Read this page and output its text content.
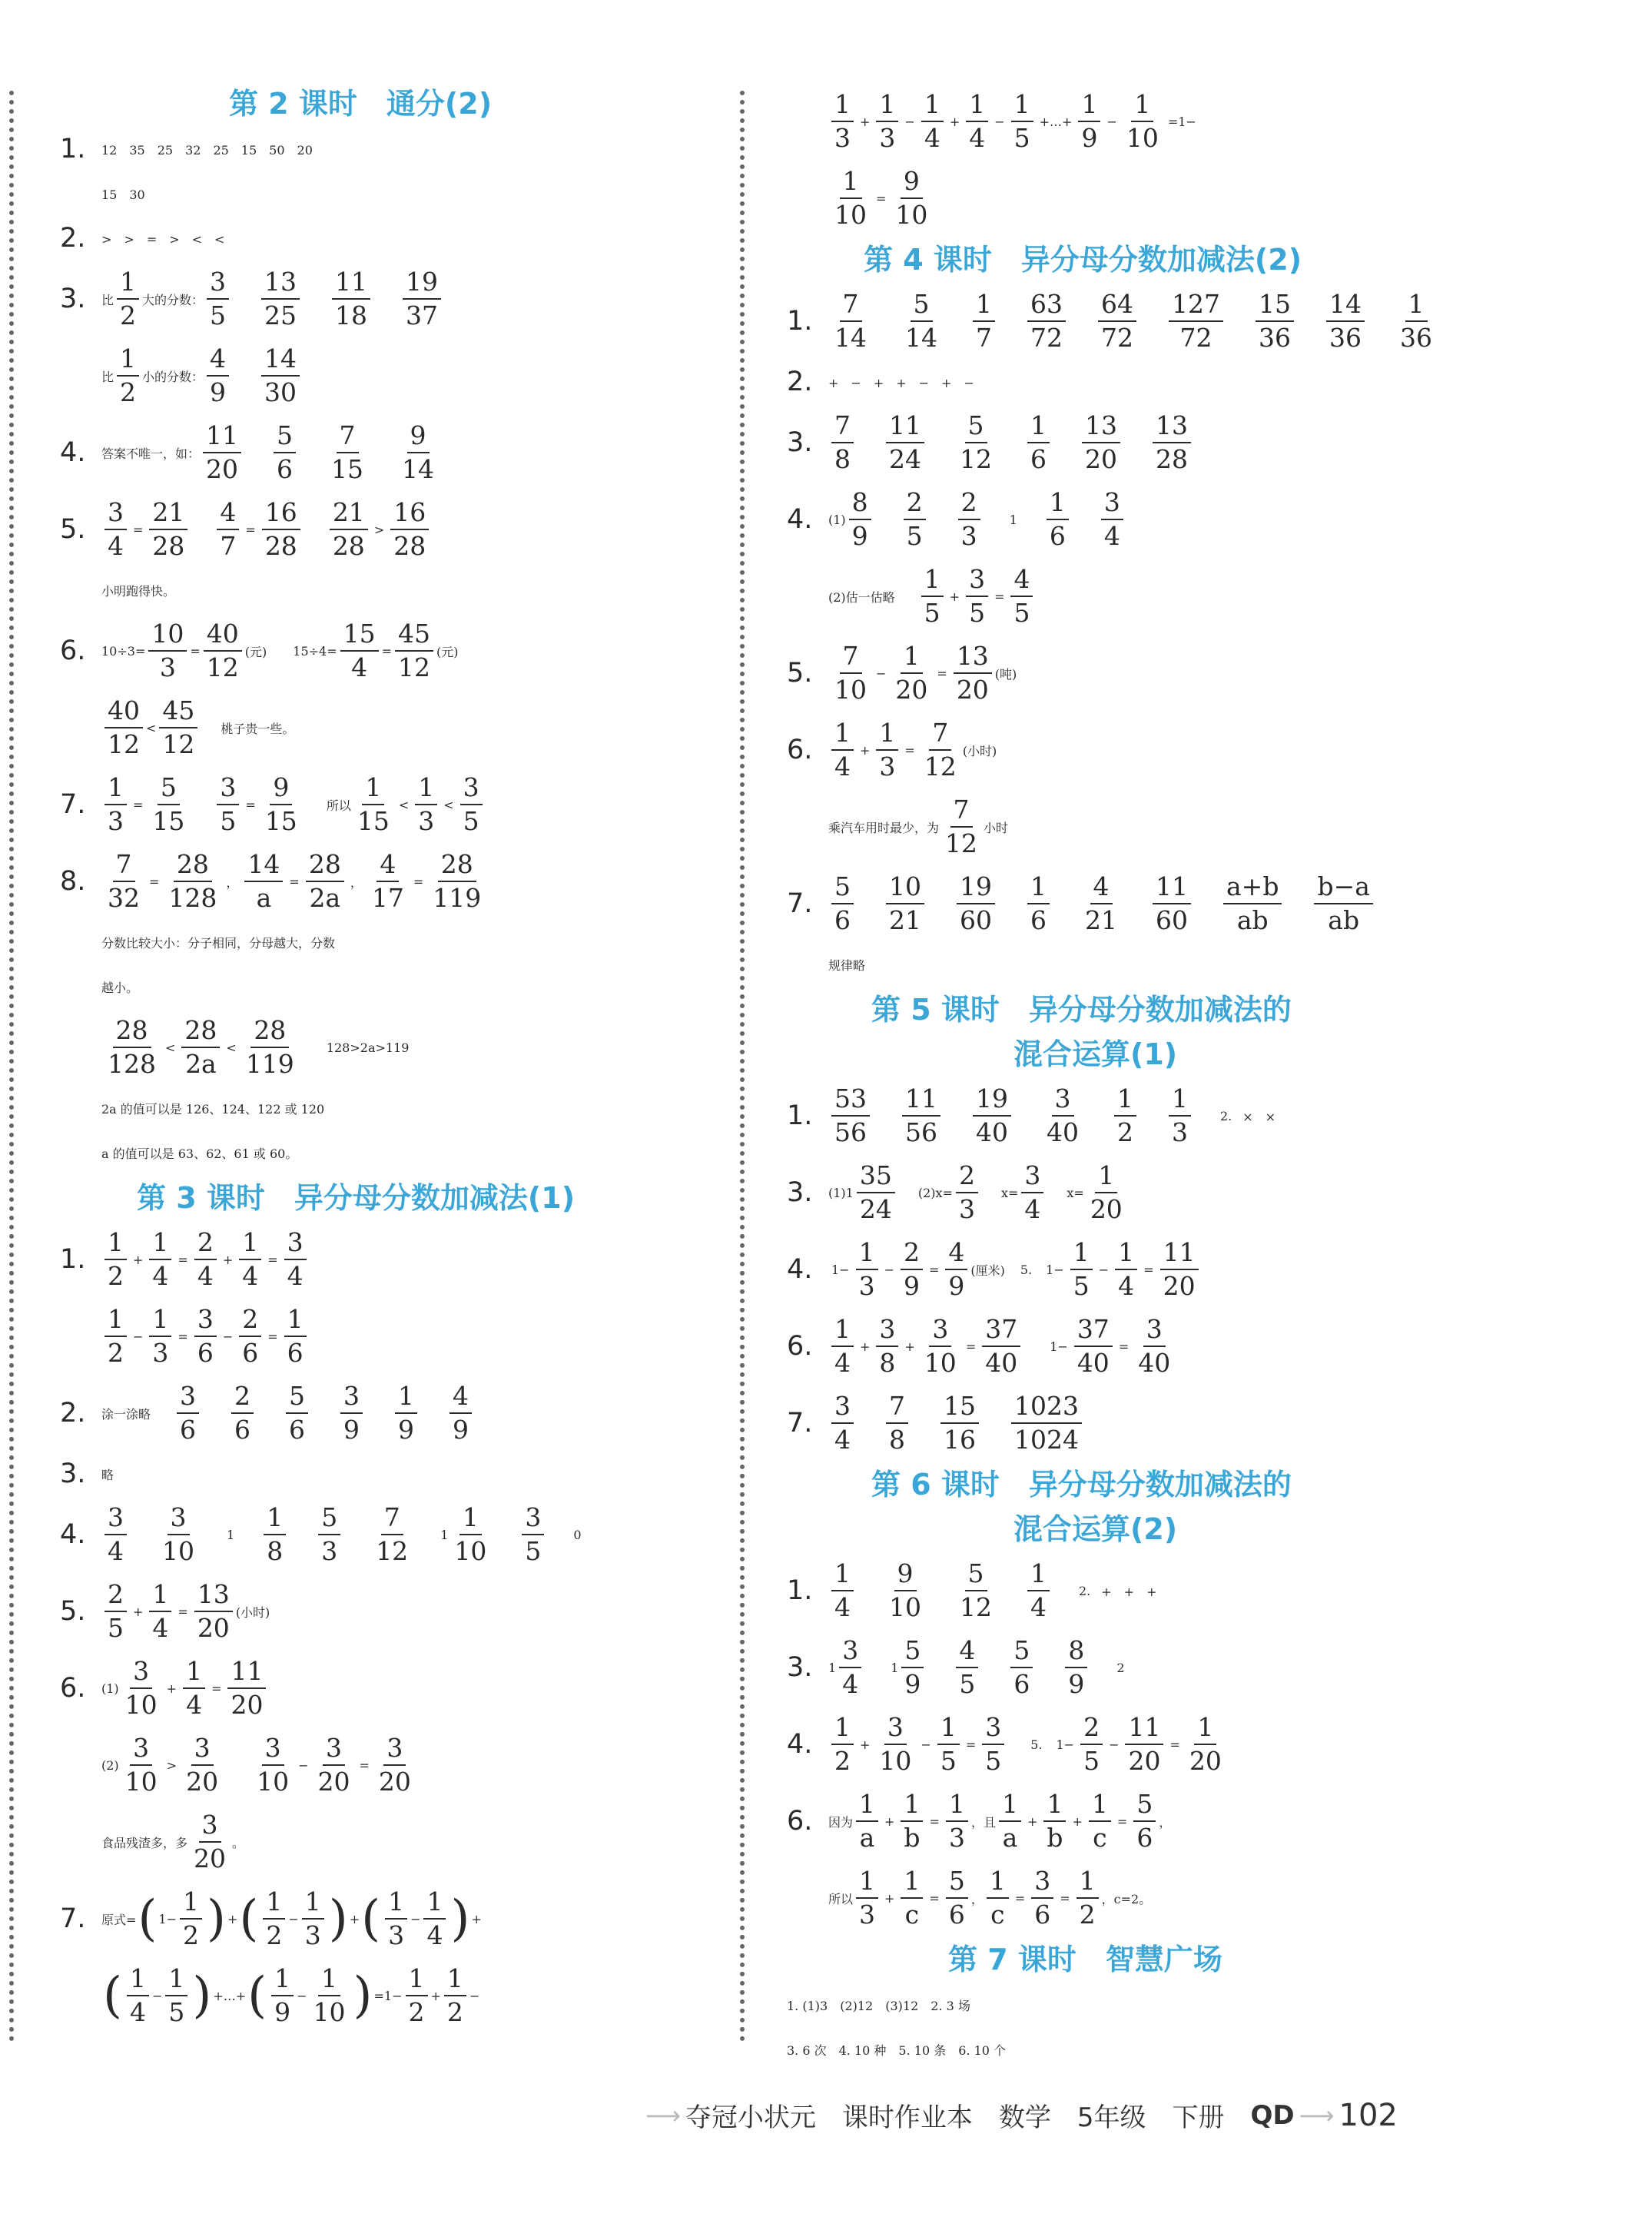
第 2 课时　通分(2)
1.	12　35　25　32　25　15　50　20
15　30
2.	>　>　=　>　<　<
3.	比 $\frac{1}{2}$ 大的分数： $\frac{3}{5} \frac{13}{25} \frac{11}{18} \frac{19}{37}$
比 $\frac{1}{2}$ 小的分数： $\frac{4}{9} \frac{14}{30}$
4.	答案不唯一，如： $\frac{11}{20} \frac{5}{6} \frac{7}{15} \frac{9}{14}$
5. $\frac{3}{4} = \frac{21}{28} \frac{4}{7} = \frac{16}{28} \frac{21}{28} > \frac{16}{28}$
小明跑得快。
6.	$10\div 3= \frac{10}{3} = \frac{40}{12}$ (元) $15\div 4= \frac{15}{4} = \frac{45}{12}$ (元)
$\frac{40}{12} < \frac{45}{12}$ 桃子贵一些。
7. $\frac{1}{3} = \frac{5}{15} \frac{3}{5} = \frac{9}{15}$ 所以 $\frac{1}{15} < \frac{1}{3} < \frac{3}{5}$
8. $\frac{7}{32} = \frac{28}{128}$ ， $\frac{14}{a} = \frac{28}{2a}$ ， $\frac{4}{17} = \frac{28}{119}$
分数比较大小：分子相同，分母越大，分数
越小。
$\frac{28}{128} < \frac{28}{2a} < \frac{28}{119} 128>2a>119$
2a 的值可以是 126、124、122 或 120
a 的值可以是 63、62、61 或 60。
第 3 课时　异分母分数加减法(1)
1. $\frac{1}{2} + \frac{1}{4} = \frac{2}{4} + \frac{1}{4} = \frac{3}{4}$
$\frac{1}{2} - \frac{1}{3} = \frac{3}{6} - \frac{2}{6} = \frac{1}{6}$
2.	涂一涂略 $\frac{3}{6} \frac{2}{6} \frac{5}{6} \frac{3}{9} \frac{1}{9} \frac{4}{9}$
3.	略
4. $\frac{3}{4} \frac{3}{10} 1 \frac{1}{8} \frac{5}{3} \frac{7}{12} 1 \frac{1}{10} \frac{3}{5} 0$
5. $\frac{2}{5} + \frac{1}{4} = \frac{13}{20}$ (小时)
6.	$(1) \frac{3}{10} + \frac{1}{4} = \frac{11}{20}$
$(2) \frac{3}{10} > \frac{3}{20} \frac{3}{10} - \frac{3}{20} = \frac{3}{20}$
食品残渣多，多 $\frac{3}{20}$ 。
7.	原式= ( $1 - \frac{1}{2}$ ) + ( $\frac{1}{2} - \frac{1}{3}$ ) + ( $\frac{1}{3} - \frac{1}{4}$ ) +
( $\frac{1}{4} - \frac{1}{5}$ ) +…+ ( $\frac{1}{9} - \frac{1}{10}$ ) $=1- \frac{1}{2} + \frac{1}{2}$ −
$\frac{1}{3} + \frac{1}{3} - \frac{1}{4} + \frac{1}{4} - \frac{1}{5}$ +…+ $\frac{1}{9} - \frac{1}{10} =1-$
$\frac{1}{10} = \frac{9}{10}$
第 4 课时　异分母分数加减法(2)
1. $\frac{7}{14} \frac{5}{14} \frac{1}{7} \frac{63}{72} \frac{64}{72} \frac{127}{72} \frac{15}{36} \frac{14}{36} \frac{1}{36}$
2.	+　−　+　+　−　+　−
3. $\frac{7}{8} \frac{11}{24} \frac{5}{12} \frac{1}{6} \frac{13}{20} \frac{13}{28}$
4.	$(1) \frac{8}{9} \frac{2}{5} \frac{2}{3} 1 \frac{1}{6} \frac{3}{4}$
(2)估一估略 $\frac{1}{5} + \frac{3}{5} = \frac{4}{5}$
5. $\frac{7}{10} - \frac{1}{20} = \frac{13}{20}$ (吨)
6. $\frac{1}{4} + \frac{1}{3} = \frac{7}{12}$ (小时)
乘汽车用时最少，为 $\frac{7}{12}$ 小时
7. $\frac{5}{6} \frac{10}{21} \frac{19}{60} \frac{1}{6} \frac{4}{21} \frac{11}{60} \frac{a+b}{ab} \frac{b-a}{ab}$
规律略
第 5 课时　异分母分数加减法的
混合运算(1)
1. $\frac{53}{56} \frac{11}{56} \frac{19}{40} \frac{3}{40} \frac{1}{2} \frac{1}{3} 2$. ×　×
3.	$(1)1 \frac{35}{24} (2)x= \frac{2}{3} x= \frac{3}{4} x= \frac{1}{20}$
4.	$1- \frac{1}{3} - \frac{2}{9} = \frac{4}{9}$ (厘米) 5. $1- \frac{1}{5} - \frac{1}{4} = \frac{11}{20}$
6. $\frac{1}{4} + \frac{3}{8} + \frac{3}{10} = \frac{37}{40} 1- \frac{37}{40} = \frac{3}{40}$
7. $\frac{3}{4} \frac{7}{8} \frac{15}{16} \frac{1023}{1024}$
第 6 课时　异分母分数加减法的
混合运算(2)
1. $\frac{1}{4} \frac{9}{10} \frac{5}{12} \frac{1}{4} 2$. +　+　+
3.	$1 \frac{3}{4} 1 \frac{5}{9} \frac{4}{5} \frac{5}{6} \frac{8}{9} 2$
4. $\frac{1}{2} + \frac{3}{10} - \frac{1}{5} = \frac{3}{5} 5$. $1- \frac{2}{5} - \frac{11}{20} = \frac{1}{20}$
6.	因为 $\frac{1}{a} + \frac{1}{b} = \frac{1}{3}$ ，且 $\frac{1}{a} + \frac{1}{b} + \frac{1}{c} = \frac{5}{6}$ ，
所以 $\frac{1}{3} + \frac{1}{c} = \frac{5}{6}$ ， $\frac{1}{c} = \frac{3}{6} = \frac{1}{2}$ ，c=2。
第 7 课时　智慧广场
1. (1)3　(2)12　(3)12　2. 3 场
3. 6 次　4. 10 种　5. 10 条　6. 10 个
⟶ 夺冠小状元 课时作业本 数学 5年级 下册 QD ⟶ 102
